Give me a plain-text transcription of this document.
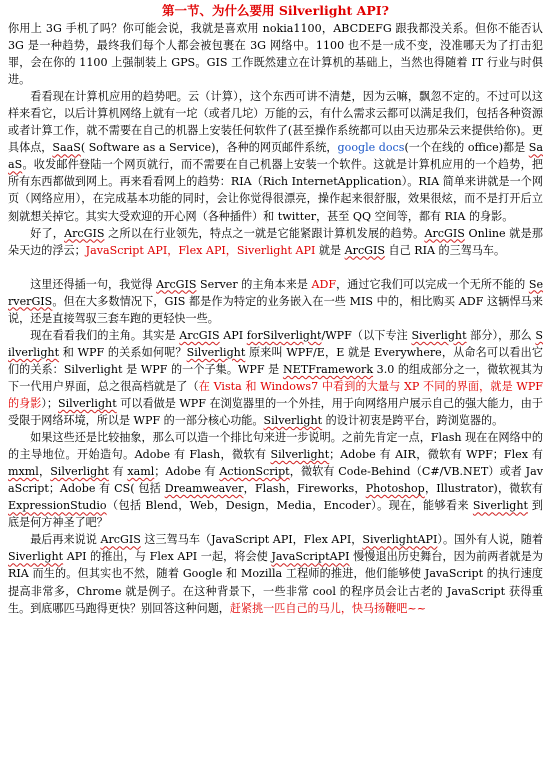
第一节、为什么要用 Silverlight API?

你用上 3G 手机了吗？你可能会说，我就是喜欢用 nokia1100，ABCDEFG 跟我都没关系。但你不能否认 3G 是一种趋势，最终我们每个人都会被包裹在 3G 网络中。1100 也不是一成不变，没准哪天为了打击犯罪，会在你的 1100 上强制装上 GPS。GIS 工作既然建立在计算机的基础上，当然也得随着 IT 行业与时俱进。

看看现在计算机应用的趋势吧。云（计算），这个东西可讲不清楚，因为云嘛，飘忽不定的。不过可以这样来看它，以后计算机网络上就有一坨（或者几坨）万能的云，有什么需求云都可以满足我们，包括各种资源或者计算工作，就不需要在自己的机器上安装任何软件了(甚至操作系统都可以由天边那朵云来提供给你)。更具体点，SaaS( Software as a Service)，各种的网页邮件系统，google docs(一个在线的 office)都是 SaaS。收发邮件登陆一个网页就行，而不需要在自己机器上安装一个软件。这就是计算机应用的一个趋势，把所有东西都做到网上。再来看看网上的趋势：RIA（Rich InternetApplication）。RIA 简单来讲就是一个网页（网络应用），在完成基本功能的同时，会让你觉得很漂亮，操作起来很舒服，效果很炫，而不是打开后立刻就想关掉它。其实大受欢迎的开心网（各种插件）和 twitter，甚至 QQ 空间等，都有 RIA 的身影。

好了，ArcGIS 之所以在行业领先，特点之一就是它能紧跟计算机发展的趋势。ArcGIS Online 就是那朵天边的浮云；JavaScript API，Flex API，Siverlight API 就是 ArcGIS 自己 RIA 的三驾马车。

这里还得插一句，我觉得 ArcGIS Server 的主角本来是 ADF，通过它我们可以完成一个无所不能的 ServerGIS。但在大多数情况下，GIS 都是作为特定的业务嵌入在一些 MIS 中的，相比购买 ADF 这辆悍马来说，还是直接驾驭三套车跑的更轻快一些。

现在看看我们的主角。其实是 ArcGIS API forSilverlight/WPF（以下专注 Siverlight 部分），那么 Silverlight 和 WPF 的关系如何呢？Silverlight 原来叫 WPF/E，E 就是 Everywhere，从命名可以看出它们的关系：Silverlight 是 WPF 的一个子集。WPF 是 NETFramework 3.0 的组成部分之一，微软视其为下一代用户界面，总之很高档就是了（在 Vista 和 Windows7 中看到的大量与 XP 不同的界面，就是 WPF 的身影）；Silverlight 可以看做是 WPF 在浏览器里的一个外挂，用于向网络用户展示自己的强大能力，由于受限于网络环境，所以是 WPF 的一部分核心功能。Silverlight 的设计初衷是跨平台，跨浏览器的。

如果这些还是比较抽象，那么可以造一个排比句来进一步说明。之前先肯定一点，Flash 现在在网络中的的主导地位。开始造句。Adobe 有 Flash，微软有 Silverlight；Adobe 有 AIR，微软有 WPF；Flex 有 mxml，Silverlight 有 xaml；Adobe 有 ActionScript，微软有 Code-Behind（C#/VB.NET）或者 JavaScript；Adobe 有 CS( 包括 Dreamweaver，Flash，Fireworks，Photoshop，Illustrator)，微软有 ExpressionStudio（包括 Blend，Web，Design，Media，Encoder）。现在，能够看来 Siverlight 到底是何方神圣了吧？

最后再来说说 ArcGIS 这三驾马车（JavaScript API，Flex API，SiverlightAPI）。国外有人说，随着 Siverlight API 的推出，与 Flex API 一起，将会使 JavaScriptAPI 慢慢退出历史舞台，因为前两者就是为 RIA 而生的。但其实也不然，随着 Google 和 Mozilla 工程师的推进，他们能够使 JavaScript 的执行速度提高非常多，Chrome 就是例子。在这种背景下，一些非常 cool 的程序员会让古老的 JavaScript 获得重生。到底哪匹马跑得更快？别回答这种问题，赶紧挑一匹自己的马儿，快马扬鞭吧~~
